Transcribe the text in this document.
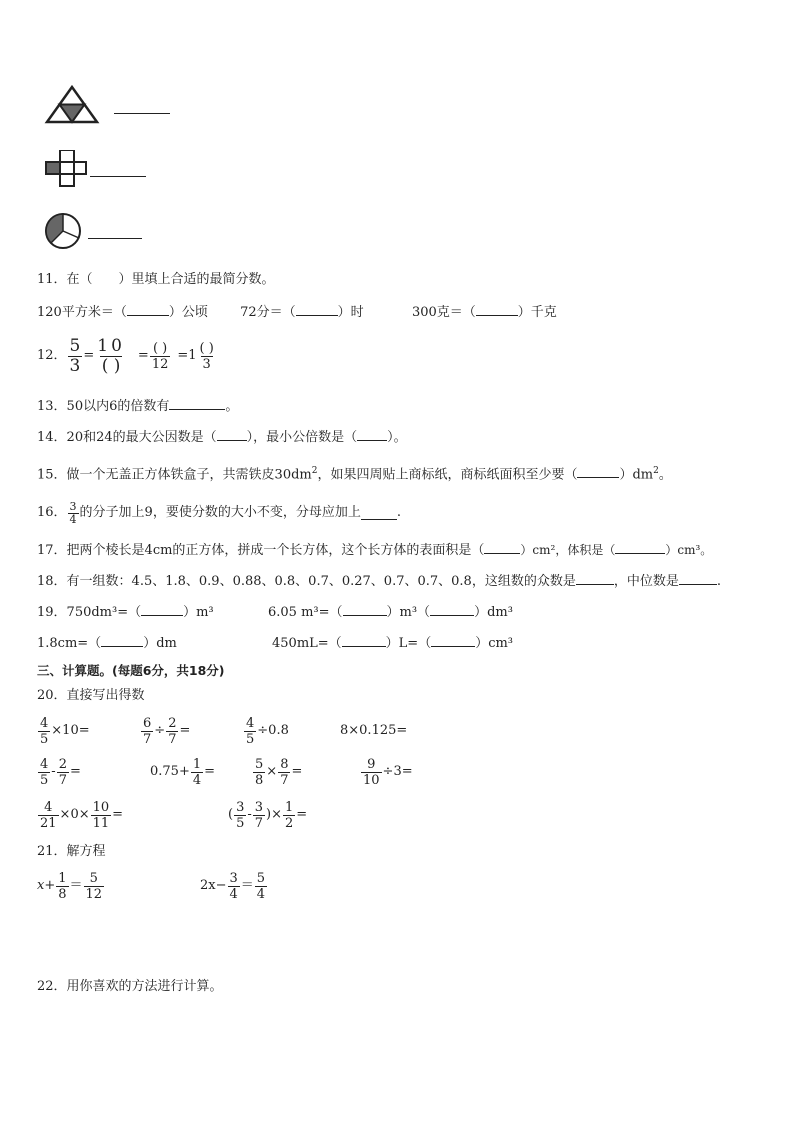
11．在（　　）里填上合适的最简分数。
120平方米＝（	）公顷 72分＝（	）时	300克＝（	）千克
12． $\frac{5}{3} = \frac{10}{( )} = \frac{( )}{12} =1 \frac{( )}{3}$
13．50以内6的倍数有	。
14．20和24的最大公因数是（ ），最小公倍数是（ ）。
15．做一个无盖正方体铁盒子，共需铁皮$30dm^2$，如果四周贴上商标纸，商标纸面积至少要（	）$dm^2$。
16． $\frac{3}{4}$ 的分子加上9，要使分数的大小不变，分母应加上	.
17．把两个棱长是4cm的正方体，拼成一个长方体，这个长方体的表面积是（	）cm²，体积是（	）cm³。
18．有一组数：4.5、1.8、0.9、0.88、0.8、0.7、0.27、0.7、0.7、0.8，这组数的众数是	，中位数是	.
19．750dm³=（	）m³	6.05 m³=（	）m³（	）dm³
1.8cm=（	）dm	450mL=（	）L=（	）cm³
三、计算题。(每题6分，共18分)
20．直接写出得数
$\frac{4}{5} \times 10=$	$\frac{6}{7} \div \frac{2}{7}$ =	$\frac{4}{5} \div 0.8$	8×0.125=
$\frac{4}{5} - \frac{2}{7}$ =	$0.75+ \frac{1}{4}$ =	$\frac{5}{8} \times \frac{8}{7}$ =	$\frac{9}{10} \div 3=$
$\frac{4}{21} \times 0\times \frac{10}{11}$ =	( $\frac{3}{5} - \frac{3}{7}$ )× $\frac{1}{2}$ =
21．解方程
$x+ \frac{1}{8} = \frac{5}{12}$	$2x- \frac{3}{4} = \frac{5}{4}$
22．用你喜欢的方法进行计算。
